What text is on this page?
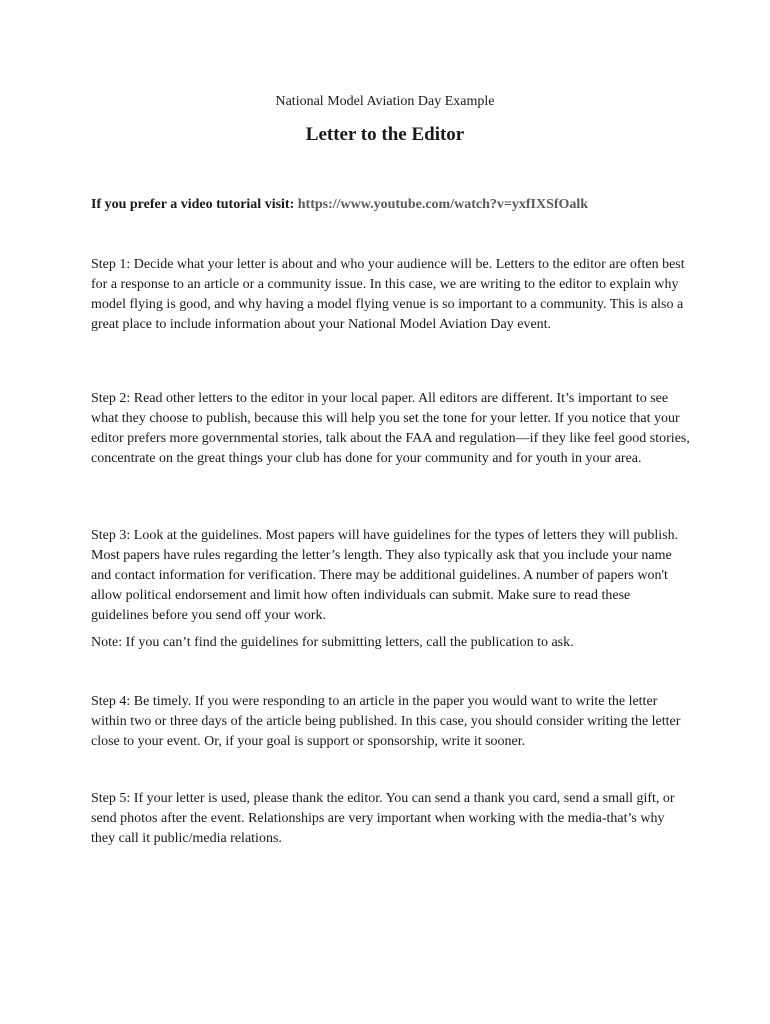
National Model Aviation Day Example
Letter to the Editor
If you prefer a video tutorial visit: https://www.youtube.com/watch?v=yxfIXSfOalk

Step 1: Decide what your letter is about and who your audience will be. Letters to the editor are often best for a response to an article or a community issue. In this case, we are writing to the editor to explain why model flying is good, and why having a model flying venue is so important to a community. This is also a great place to include information about your National Model Aviation Day event.

Step 2: Read other letters to the editor in your local paper. All editors are different. It’s important to see what they choose to publish, because this will help you set the tone for your letter. If you notice that your editor prefers more governmental stories, talk about the FAA and regulation—if they like feel good stories, concentrate on the great things your club has done for your community and for youth in your area.

Step 3: Look at the guidelines. Most papers will have guidelines for the types of letters they will publish. Most papers have rules regarding the letter’s length. They also typically ask that you include your name and contact information for verification. There may be additional guidelines. A number of papers won't allow political endorsement and limit how often individuals can submit. Make sure to read these guidelines before you send off your work.

Note: If you can’t find the guidelines for submitting letters, call the publication to ask.

Step 4: Be timely. If you were responding to an article in the paper you would want to write the letter within two or three days of the article being published. In this case, you should consider writing the letter close to your event. Or, if your goal is support or sponsorship, write it sooner.

Step 5: If your letter is used, please thank the editor. You can send a thank you card, send a small gift, or send photos after the event. Relationships are very important when working with the media-that’s why they call it public/media relations.
